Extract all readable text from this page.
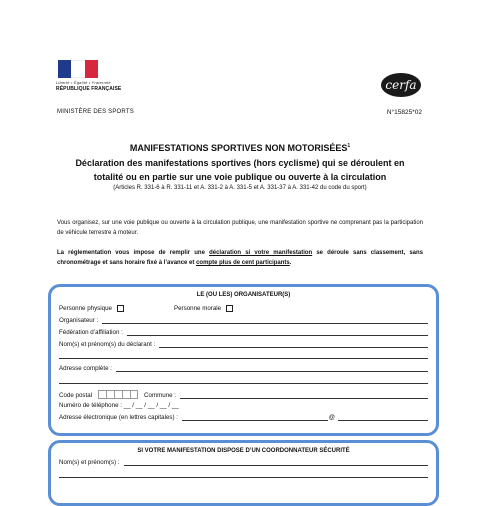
Liberté • Égalité • Fraternité
RÉPUBLIQUE FRANÇAISE	cerfa
MINISTÈRE DES SPORTS	N°15825*02
MANIFESTATIONS SPORTIVES NON MOTORISÉES$^1$
Déclaration des manifestations sportives (hors cyclisme) qui se déroulent en
totalité ou en partie sur une voie publique ou ouverte à la circulation
(Articles R. 331-6 à R. 331-11 et A. 331-2 à A. 331-5 et A. 331-37 à A. 331-42 du code du sport)
Vous organisez, sur une voie publique ou ouverte à la circulation publique, une manifestation sportive ne comprenant pas la participation de véhicule terrestre à moteur.
La réglementation vous impose de remplir une déclaration si votre manifestation se déroule sans classement, sans chronométrage et sans horaire fixé à l’avance et compte plus de cent participants.
LE (OU LES) ORGANISATEUR(S)
Personne physique	Personne morale
Organisateur :
Fédération d’affiliation :
Nom(s) et prénom(s) du déclarant :
Adresse complète :
Code postal	Commune :
Numéro de téléphone : __ / __ / __ / __ / __
Adresse électronique (en lettres capitales) :	@
SI VOTRE MANIFESTATION DISPOSE D’UN COORDONNATEUR SÉCURITÉ
Nom(s) et prénom(s) :
